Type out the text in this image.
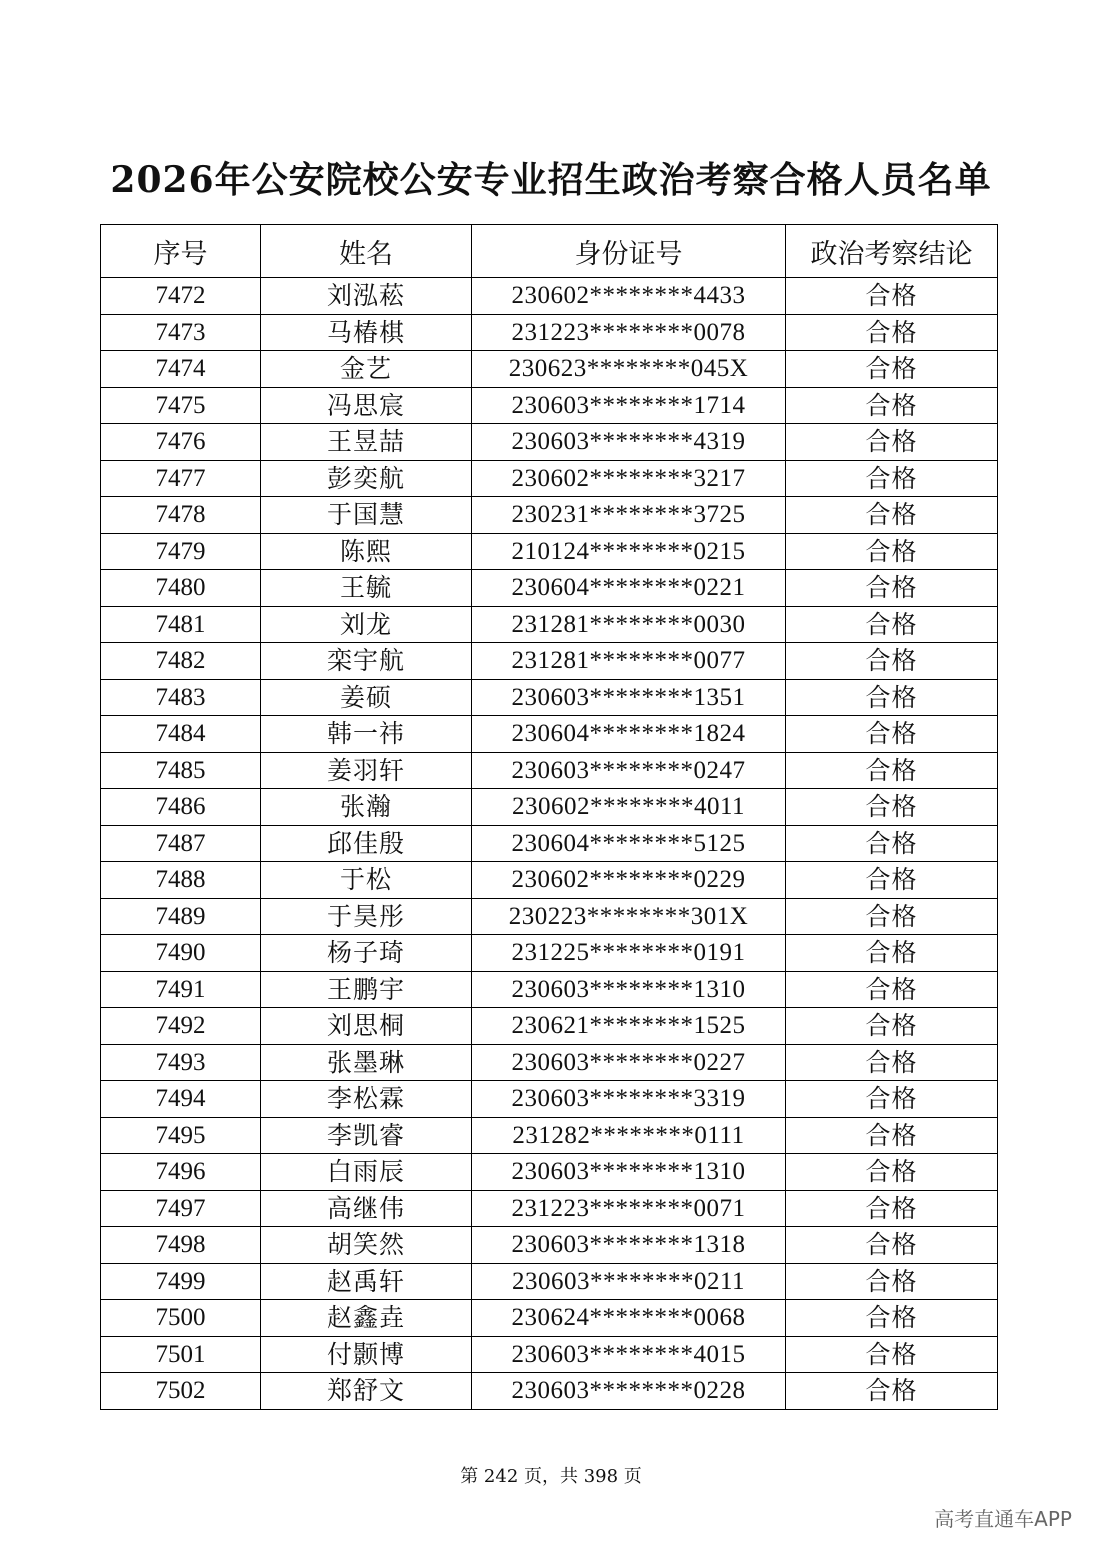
2026年公安院校公安专业招生政治考察合格人员名单
序号	姓名	身份证号	政治考察结论
7472	刘泓菘	230602********4433	合格
7473	马椿棋	231223********0078	合格
7474	金艺	230623********045X	合格
7475	冯思宸	230603********1714	合格
7476	王昱喆	230603********4319	合格
7477	彭奕航	230602********3217	合格
7478	于国慧	230231********3725	合格
7479	陈熙	210124********0215	合格
7480	王毓	230604********0221	合格
7481	刘龙	231281********0030	合格
7482	栾宇航	231281********0077	合格
7483	姜硕	230603********1351	合格
7484	韩一祎	230604********1824	合格
7485	姜羽轩	230603********0247	合格
7486	张瀚	230602********4011	合格
7487	邱佳殷	230604********5125	合格
7488	于松	230602********0229	合格
7489	于昊彤	230223********301X	合格
7490	杨子琦	231225********0191	合格
7491	王鹏宇	230603********1310	合格
7492	刘思桐	230621********1525	合格
7493	张墨琳	230603********0227	合格
7494	李松霖	230603********3319	合格
7495	李凯睿	231282********0111	合格
7496	白雨辰	230603********1310	合格
7497	高继伟	231223********0071	合格
7498	胡笑然	230603********1318	合格
7499	赵禹轩	230603********0211	合格
7500	赵鑫垚	230624********0068	合格
7501	付颢博	230603********4015	合格
7502	郑舒文	230603********0228	合格
第 242 页，共 398 页
高考直通车APP
